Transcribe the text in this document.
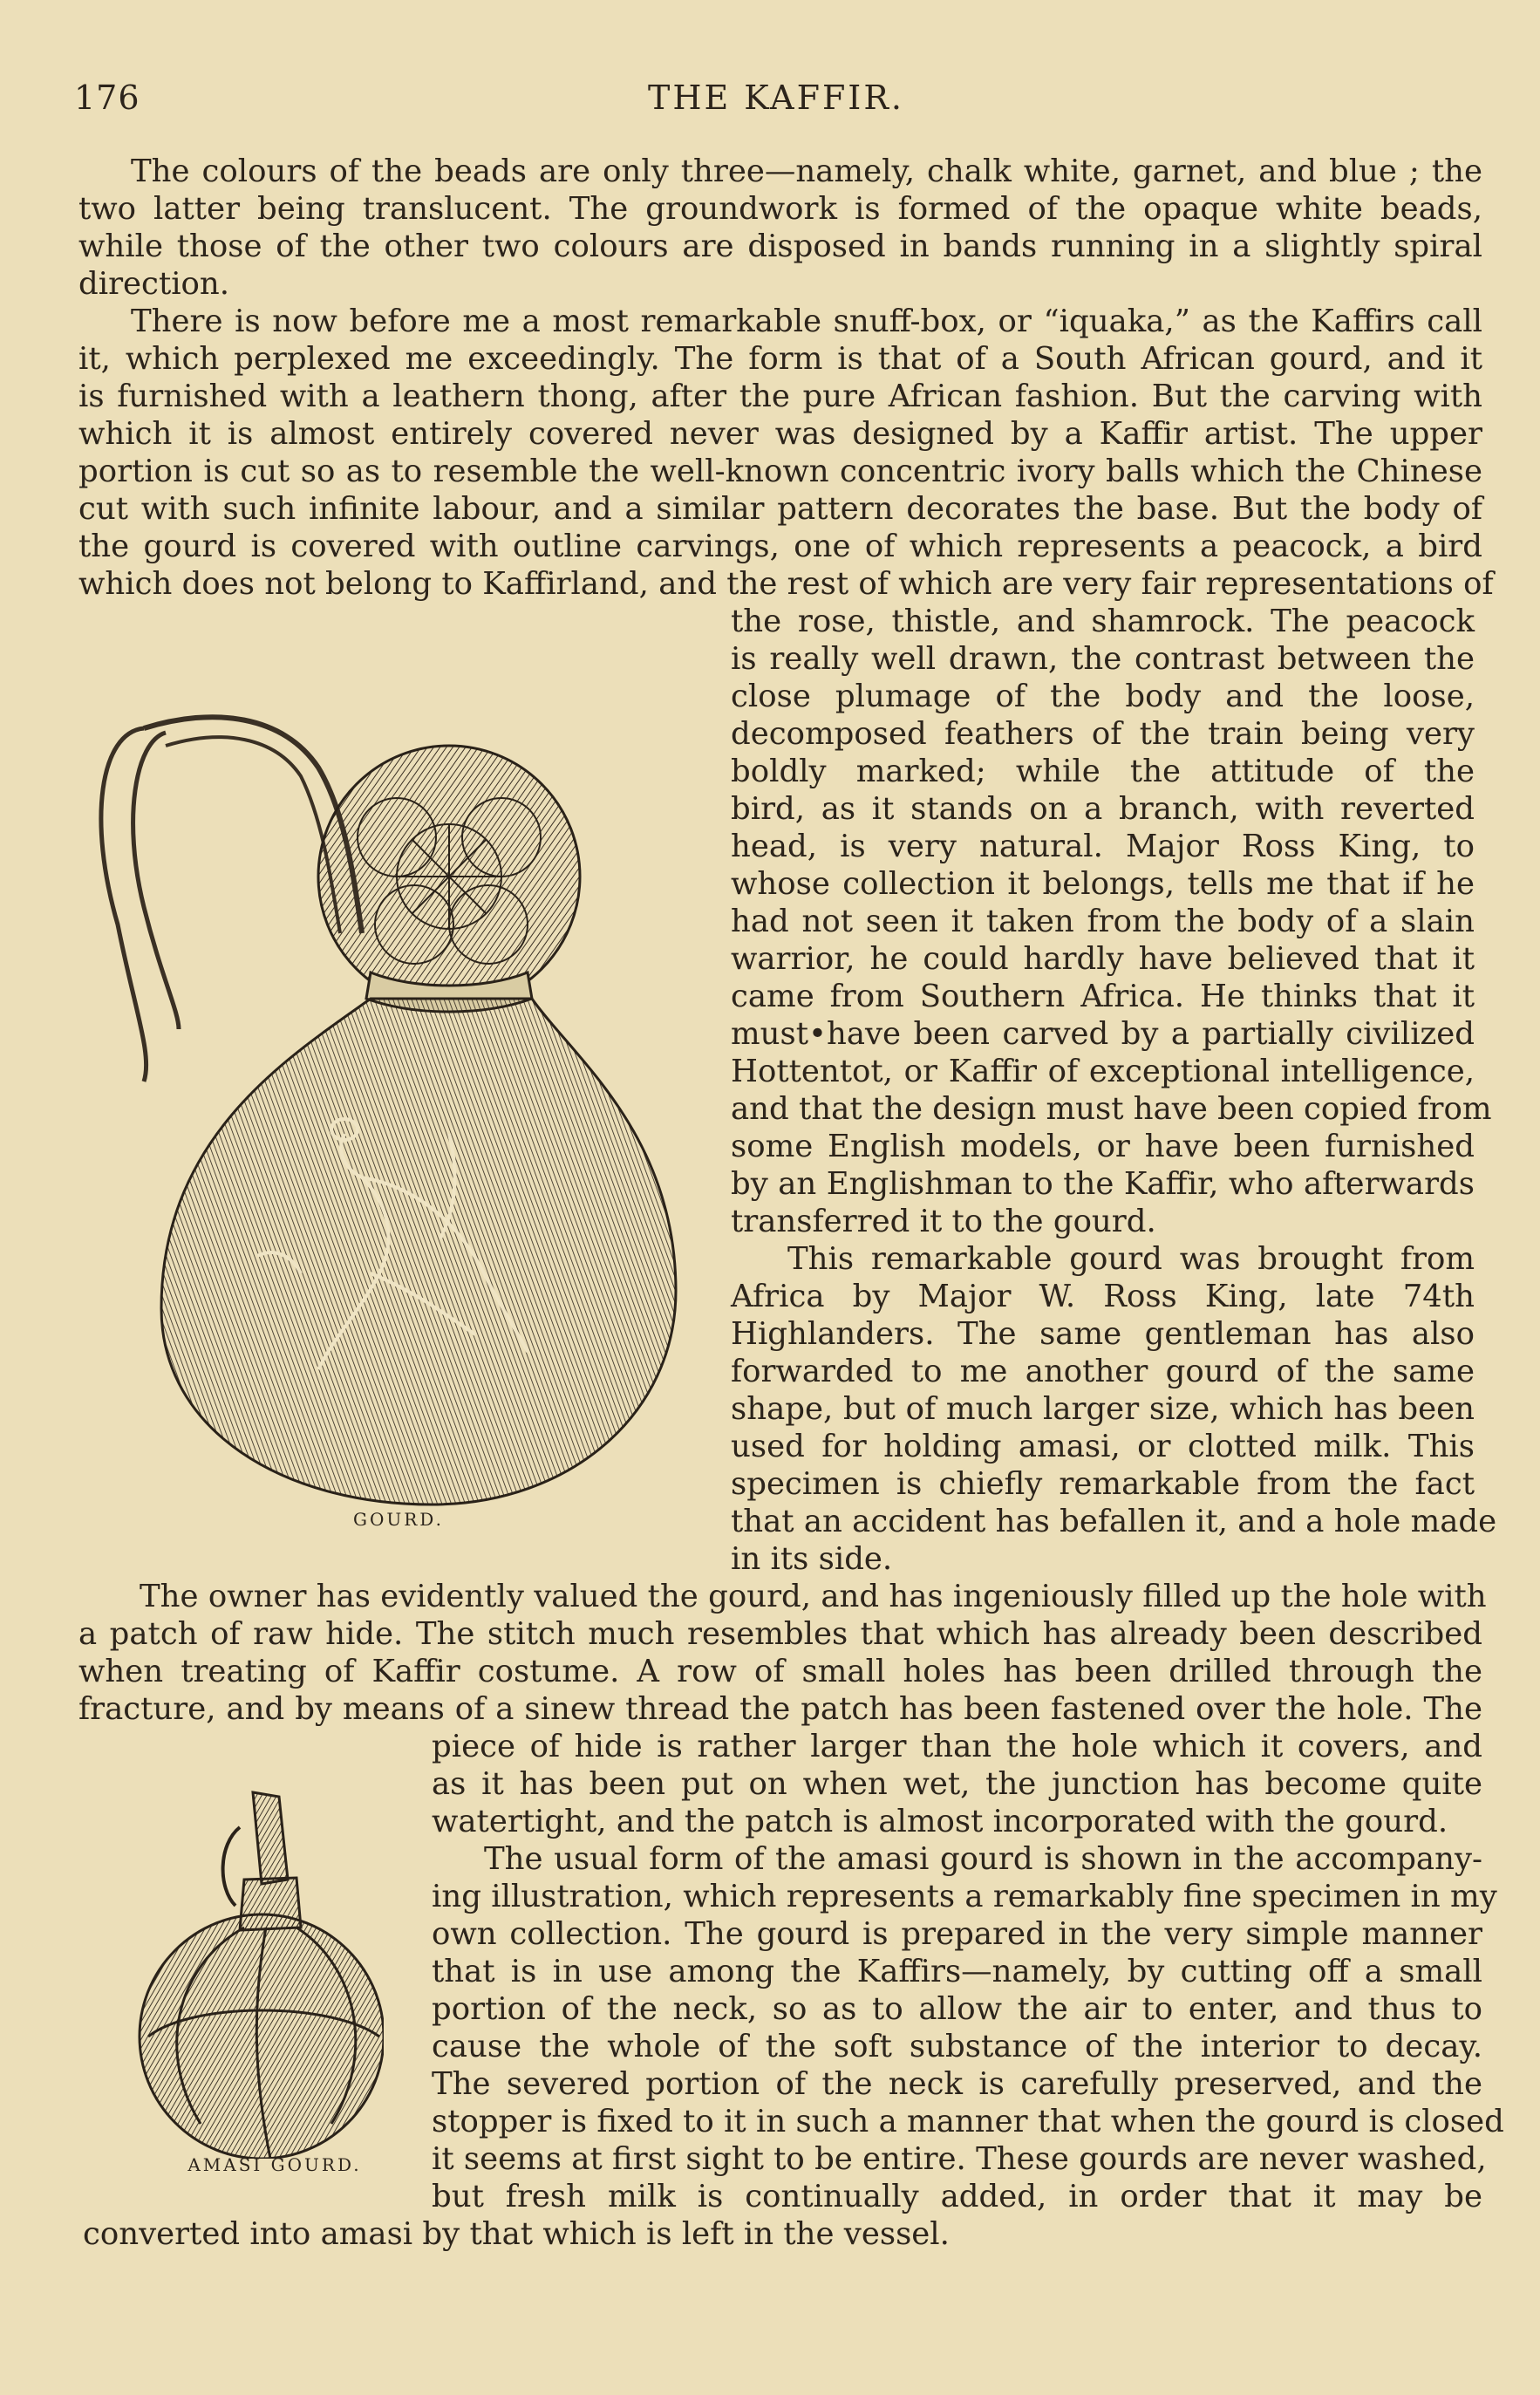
176	THE KAFFIR.
The colours of the beads are only three—namely, chalk white, garnet, and blue ; the
two latter being translucent. The groundwork is formed of the opaque white beads,
while those of the other two colours are disposed in bands running in a slightly spiral
direction.
There is now before me a most remarkable snuff-box, or “iquaka,” as the Kaffirs call
it, which perplexed me exceedingly. The form is that of a South African gourd, and it
is furnished with a leathern thong, after the pure African fashion. But the carving with
which it is almost entirely covered never was designed by a Kaffir artist. The upper
portion is cut so as to resemble the well-known concentric ivory balls which the Chinese
cut with such infinite labour, and a similar pattern decorates the base. But the body of
the gourd is covered with outline carvings, one of which represents a peacock, a bird
which does not belong to Kaffirland, and the rest of which are very fair representations of
the rose, thistle, and shamrock. The peacock
is really well drawn, the contrast between the
close plumage of the body and the loose,
decomposed feathers of the train being very
boldly marked; while the attitude of the
bird, as it stands on a branch, with reverted
head, is very natural. Major Ross King, to
whose collection it belongs, tells me that if he
had not seen it taken from the body of a slain
warrior, he could hardly have believed that it
came from Southern Africa. He thinks that it
must•have been carved by a partially civilized
Hottentot, or Kaffir of exceptional intelligence,
and that the design must have been copied from
some English models, or have been furnished
by an Englishman to the Kaffir, who afterwards
transferred it to the gourd.
This remarkable gourd was brought from
Africa by Major W. Ross King, late 74th
Highlanders. The same gentleman has also
forwarded to me another gourd of the same
shape, but of much larger size, which has been
used for holding amasi, or clotted milk. This
specimen is chiefly remarkable from the fact
that an accident has befallen it, and a hole made
in its side.
The owner has evidently valued the gourd, and has ingeniously filled up the hole with
a patch of raw hide. The stitch much resembles that which has already been described
when treating of Kaffir costume. A row of small holes has been drilled through the
fracture, and by means of a sinew thread the patch has been fastened over the hole. The
piece of hide is rather larger than the hole which it covers, and
as it has been put on when wet, the junction has become quite
watertight, and the patch is almost incorporated with the gourd.
The usual form of the amasi gourd is shown in the accompany-
ing illustration, which represents a remarkably fine specimen in my
own collection. The gourd is prepared in the very simple manner
that is in use among the Kaffirs—namely, by cutting off a small
portion of the neck, so as to allow the air to enter, and thus to
cause the whole of the soft substance of the interior to decay.
The severed portion of the neck is carefully preserved, and the
stopper is fixed to it in such a manner that when the gourd is closed
it seems at first sight to be entire. These gourds are never washed,
but fresh milk is continually added, in order that it may be
converted into amasi by that which is left in the vessel.
GOURD.
AMASI GOURD.
